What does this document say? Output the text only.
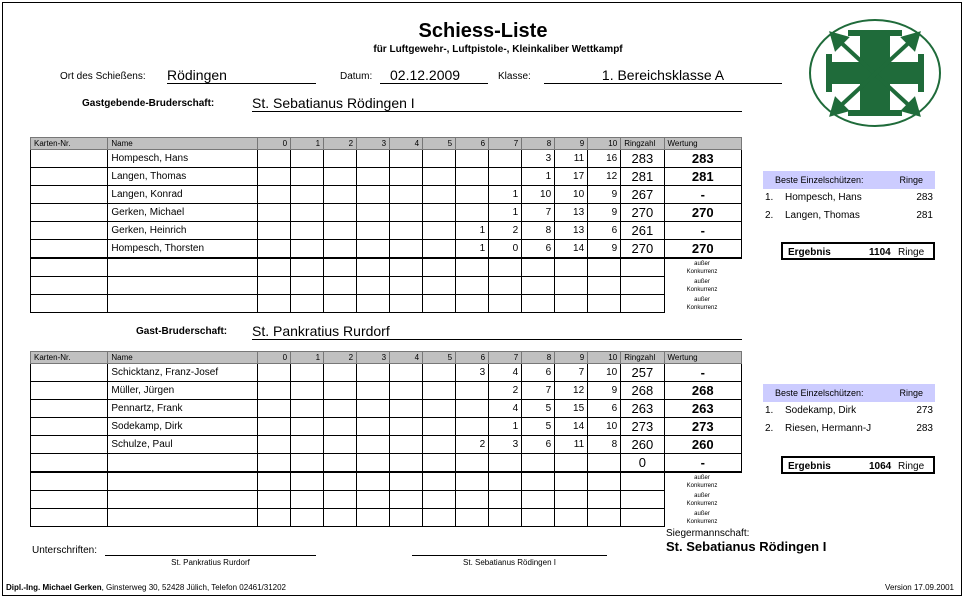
Schiess-Liste
für Luftgewehr-, Luftpistole-, Kleinkaliber Wettkampf
Ort des Schießens: Rödingen	Datum:	02.12.2009	Klasse:	1. Bereichsklasse A
Gastgebende-Bruderschaft:	St. Sebatianus Rödingen I
Karten-Nr.	Name	0	1	2	3	4	5	6	7	8	9	10	Ringzahl	Wertung
	Hompesch, Hans									3	11	16	283	283
	Langen, Thomas									1	17	12	281	281
	Langen, Konrad								1	10	10	9	267	-
	Gerken, Michael								1	7	13	9	270	270
	Gerken, Heinrich							1	2	8	13	6	261	-
	Hompesch, Thorsten							1	0	6	14	9	270	270

außer
Konkurrenz
außer
Konkurrenz
außer
Konkurrenz
Beste Einzelschützen:	Ringe
1. Hompesch, Hans	283
2. Langen, Thomas	281
Ergebnis	1104 Ringe
Gast-Bruderschaft: St. Pankratius Rurdorf
Karten-Nr.	Name	0	1	2	3	4	5	6	7	8	9	10	Ringzahl	Wertung
	Schicktanz, Franz-Josef							3	4	6	7	10	257	-
	Müller, Jürgen								2	7	12	9	268	268
	Pennartz, Frank								4	5	15	6	263	263
	Sodekamp, Dirk								1	5	14	10	273	273
	Schulze, Paul							2	3	6	11	8	260	260
													0	-

außer
Konkurrenz
außer
Konkurrenz
außer
Konkurrenz
Beste Einzelschützen:	Ringe
1. Sodekamp, Dirk	273
2. Riesen, Hermann-J	283
Ergebnis	1064 Ringe
Siegermannschaft:
St. Sebatianus Rödingen I
Unterschriften:
St. Pankratius Rurdorf	St. Sebatianus Rödingen I
Dipl.-Ing. Michael Gerken, Ginsterweg 30, 52428 Jülich, Telefon 02461/31202	Version 17.09.2001
